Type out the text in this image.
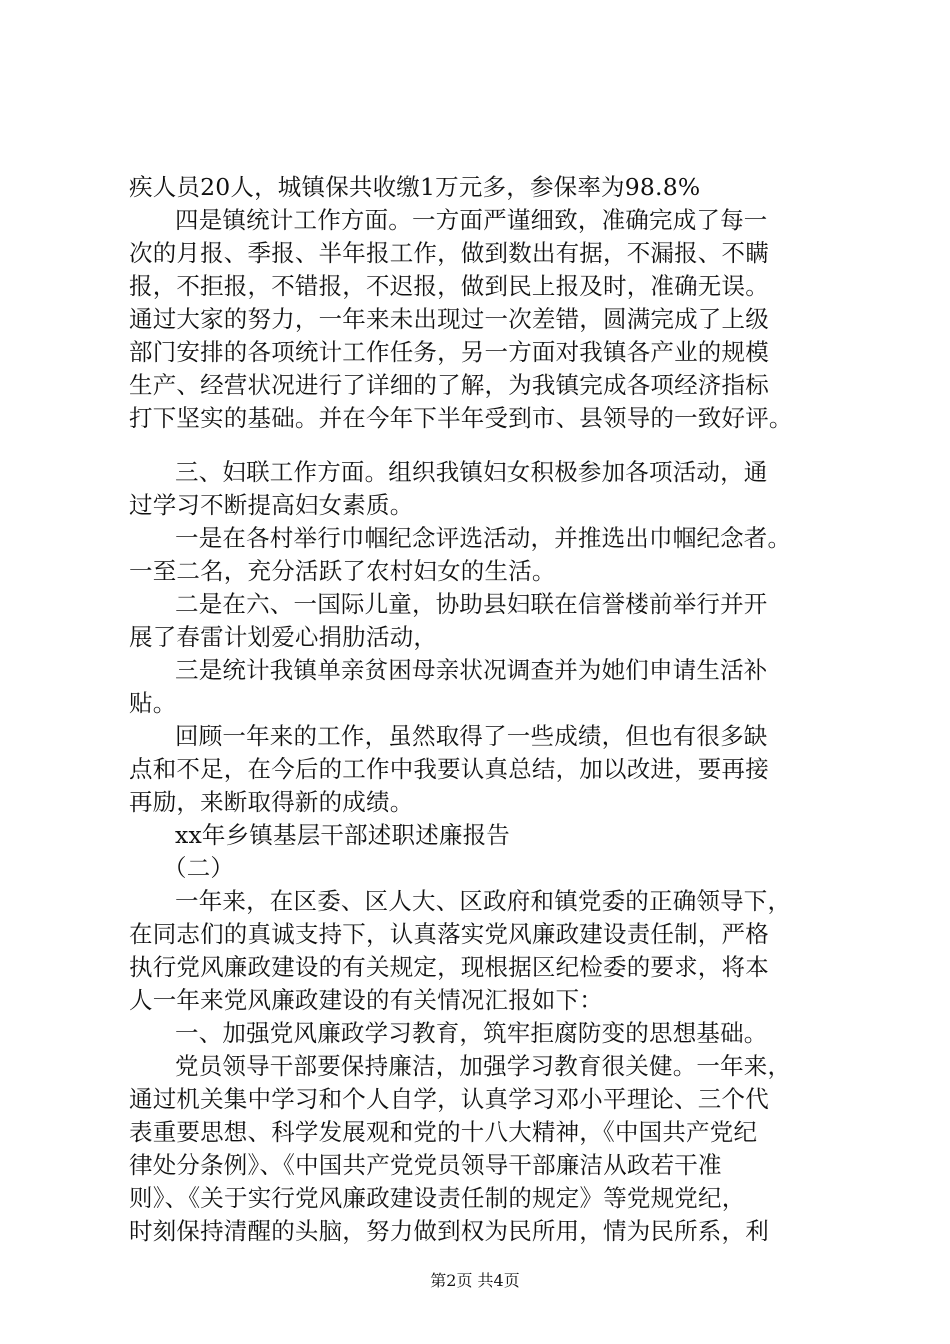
疾人员20人，城镇保共收缴1万元多，参保率为98.8%
四是镇统计工作方面。一方面严谨细致，准确完成了每一
次的月报、季报、半年报工作，做到数出有据，不漏报、不瞒
报，不拒报，不错报，不迟报，做到民上报及时，准确无误。
通过大家的努力，一年来未出现过一次差错，圆满完成了上级
部门安排的各项统计工作任务，另一方面对我镇各产业的规模
生产、经营状况进行了详细的了解，为我镇完成各项经济指标
打下坚实的基础。并在今年下半年受到市、县领导的一致好评。
三、妇联工作方面。组织我镇妇女积极参加各项活动，通
过学习不断提高妇女素质。
一是在各村举行巾帼纪念评选活动，并推选出巾帼纪念者。
一至二名，充分活跃了农村妇女的生活。
二是在六、一国际儿童，协助县妇联在信誉楼前举行并开
展了春雷计划爱心捐肋活动，
三是统计我镇单亲贫困母亲状况调查并为她们申请生活补
贴。
回顾一年来的工作，虽然取得了一些成绩，但也有很多缺
点和不足，在今后的工作中我要认真总结，加以改进，要再接
再励，来断取得新的成绩。
xx年乡镇基层干部述职述廉报告
（二）
一年来，在区委、区人大、区政府和镇党委的正确领导下，
在同志们的真诚支持下，认真落实党风廉政建设责任制，严格
执行党风廉政建设的有关规定，现根据区纪检委的要求，将本
人一年来党风廉政建设的有关情况汇报如下：
一、加强党风廉政学习教育，筑牢拒腐防变的思想基础。
党员领导干部要保持廉洁，加强学习教育很关健。一年来，
通过机关集中学习和个人自学，认真学习邓小平理论、三个代
表重要思想、科学发展观和党的十八大精神，《中国共产党纪
律处分条例》、《中国共产党党员领导干部廉洁从政若干准
则》、《关于实行党风廉政建设责任制的规定》等党规党纪，
时刻保持清醒的头脑，努力做到权为民所用，情为民所系，利
第2页 共4页
